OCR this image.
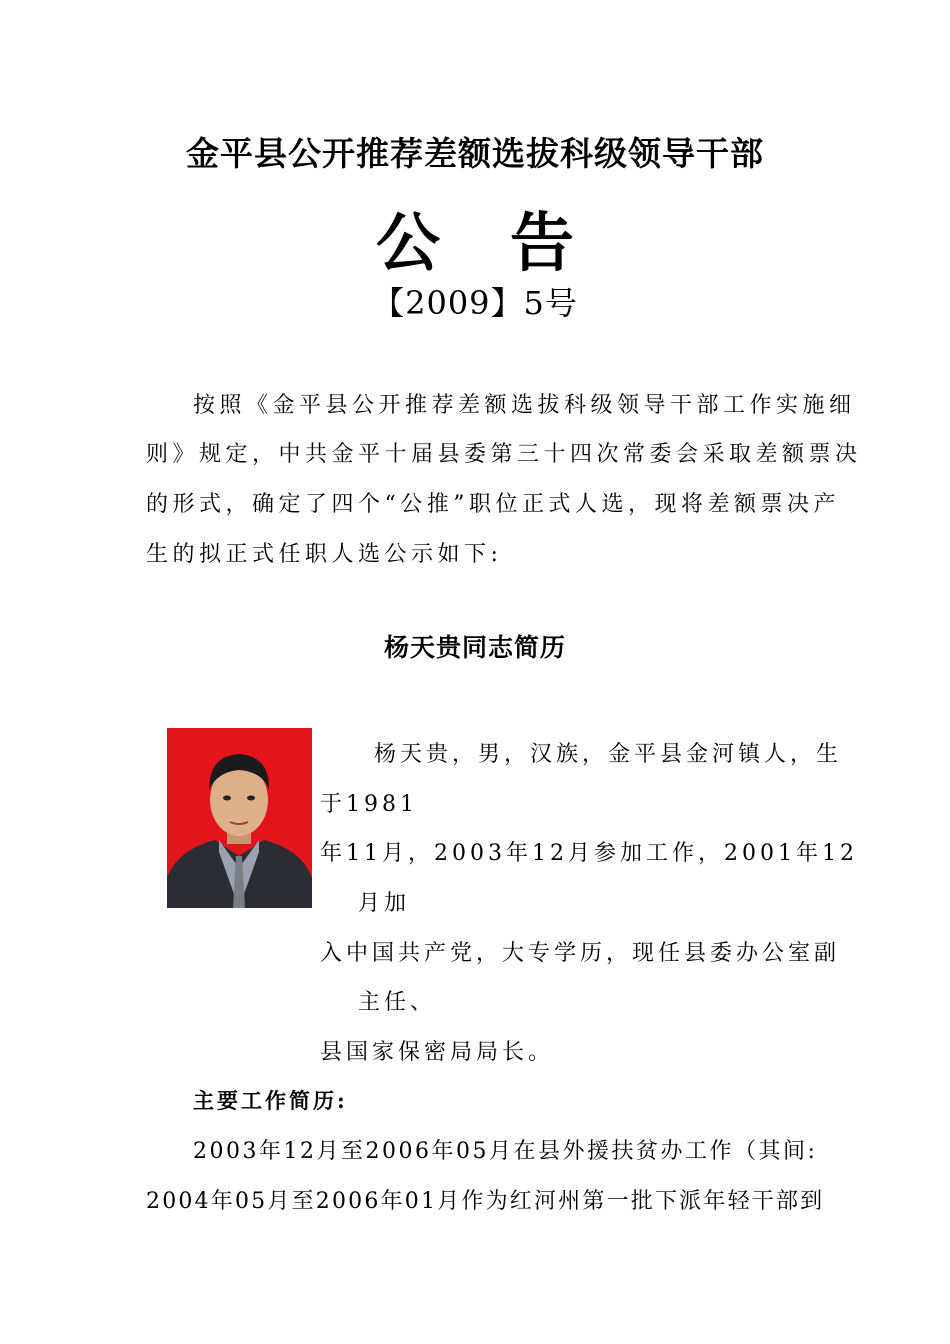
金平县公开推荐差额选拔科级领导干部
公告
【2009】5号
按照《金平县公开推荐差额选拔科级领导干部工作实施细
则》规定，中共金平十届县委第三十四次常委会采取差额票决
的形式，确定了四个“公推”职位正式人选，现将差额票决产
生的拟正式任职人选公示如下:
杨天贵同志简历
杨天贵，男，汉族，金平县金河镇人，生
于1981
年11月，2003年12月参加工作，2001年12
月加
入中国共产党，大专学历，现任县委办公室副
主任、
县国家保密局局长。
主要工作简历:
2003年12月至2006年05月在县外援扶贫办工作（其间:
2004年05月至2006年01月作为红河州第一批下派年轻干部到
